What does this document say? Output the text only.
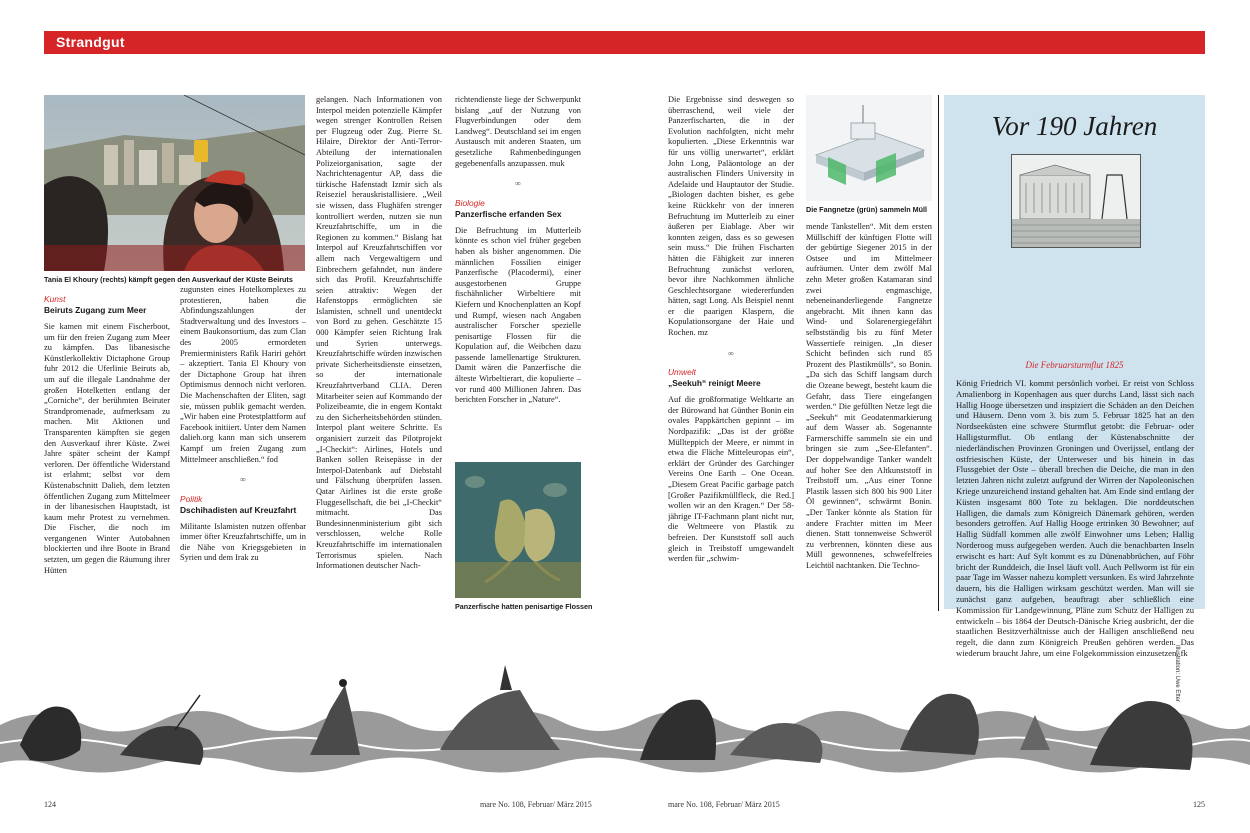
Strandgut
Tania El Khoury (rechts) kämpft gegen den Ausverkauf der Küste Beiruts
Kunst
Beiruts Zugang zum Meer

Sie kamen mit einem Fischerboot, um für den freien Zugang zum Meer zu kämpfen. Das libanesische Künstlerkollektiv Dictaphone Group fuhr 2012 die Uferlinie Beiruts ab, um auf die illegale Landnahme der großen Hotelketten entlang der „Corniche“, der berühmten Beiruter Strandpromenade, aufmerksam zu machen. Mit Aktionen und Transparenten kämpften sie gegen den Ausverkauf ihrer Küste. Zwei Jahre später scheint der Kampf verloren. Der öffentliche Widerstand ist erlahmt; selbst vor dem Küstenabschnitt Dalieh, dem letzten öffentlichen Zugang zum Mittelmeer in der libanesischen Hauptstadt, ist kaum mehr Protest zu vernehmen. Die Fischer, die noch im vergangenen Winter Autobahnen blockierten und ihre Boote in Brand setzten, um gegen die Räumung ihrer Hütten

zugunsten eines Hotelkomplexes zu protestieren, haben die Abfindungszahlungen der Stadtverwaltung und des Investors – einem Baukonsortium, das zum Clan des 2005 ermordeten Premierministers Rafik Hariri gehört – akzeptiert. Tania El Khoury von der Dictaphone Group hat ihren Optimismus dennoch nicht verloren. Die Machenschaften der Eliten, sagt sie, müssen publik gemacht werden. „Wir haben eine Protestplattform auf Facebook initiiert. Unter dem Namen dalieh.org kann man sich unserem Kampf um freien Zugang zum Mittelmeer anschließen.“ fod

∞
Politik
Dschihadisten auf Kreuzfahrt

Militante Islamisten nutzen offenbar immer öfter Kreuzfahrtschiffe, um in die Nähe von Kriegsgebieten in Syrien und dem Irak zu

gelangen. Nach Informationen von Interpol meiden potenzielle Kämpfer wegen strenger Kontrollen Reisen per Flugzeug oder Zug. Pierre St. Hilaire, Direktor der Anti-Terror-Abteilung der internationalen Polizeiorganisation, sagte der Nachrichtenagentur AP, dass die türkische Hafenstadt Izmir sich als Reiseziel herauskristallisiere. „Weil sie wissen, dass Flughäfen strenger kontrolliert werden, nutzen sie nun Kreuzfahrtschiffe, um in die Regionen zu kommen.“ Bislang hat Interpol auf Kreuzfahrtschiffen vor allem nach Vergewaltigern und Einbrechern gefahndet, nun ändere sich das Profil. Kreuzfahrtschiffe seien attraktiv: Wegen der Hafenstopps ermöglichten sie Islamisten, schnell und unentdeckt von Bord zu gehen. Geschätzte 15 000 Kämpfer seien Richtung Irak und Syrien unterwegs. Kreuzfahrtschiffe würden inzwischen private Sicherheitsdienste einsetzen, so der internationale Kreuzfahrtverband CLIA. Deren Mitarbeiter seien auf Kommando der Polizeibeamte, die in engem Kontakt zu den Sicherheitsbehörden stünden. Interpol plant weitere Schritte. Es organisiert zurzeit das Pilotprojekt „I-Checkit“: Airlines, Hotels und Banken sollen Reisepässe in der Interpol-Datenbank auf Diebstahl und Fälschung überprüfen lassen. Qatar Airlines ist die erste große Fluggesellschaft, die bei „I-Checkit“ mitmacht. Das Bundesinnenministerium gibt sich verschlossen, welche Rolle Kreuzfahrtschiffe im internationalen Terrorismus spielen. Nach Informationen deutscher Nach-

richtendienste liege der Schwerpunkt bislang „auf der Nutzung von Flugverbindungen oder dem Landweg“. Deutschland sei im engen Austausch mit anderen Staaten, um gesetzliche Rahmenbedingungen gegebenenfalls anzupassen. muk

∞
Biologie
Panzerfische erfanden Sex

Die Befruchtung im Mutterleib könnte es schon viel früher gegeben haben als bisher angenommen. Die männlichen Fossilien einiger Panzerfische (Placodermi), einer ausgestorbenen Gruppe fischähnlicher Wirbeltiere mit Kiefern und Knochenplatten an Kopf und Rumpf, wiesen nach Angaben australischer Forscher spezielle penisartige Flossen für die Kopulation auf, die Weibchen dazu passende lamellenartige Strukturen. Damit wären die Panzerfische die älteste Wirbeltierart, die kopulierte – vor rund 400 Millionen Jahren. Das berichten Forscher in „Nature“.

Panzerfische hatten penisartige Flossen

Die Ergebnisse sind deswegen so überraschend, weil viele der Panzerfischarten, die in der Evolution nachfolgten, nicht mehr kopulierten. „Diese Erkenntnis war für uns völlig unerwartet“, erklärt John Long, Paläontologe an der australischen Flinders University in Adelaide und Hauptautor der Studie. „Biologen dachten bisher, es gebe keine Rückkehr von der inneren Befruchtung im Mutterleib zu einer äußeren per Eiablage. Aber wir konnten zeigen, dass es so gewesen sein muss.“ Die frühen Fischarten hätten die Fähigkeit zur inneren Befruchtung zunächst verloren, bevor ihre Nachkommen ähnliche Geschlechtsorgane wiedererfunden hätten, sagt Long. Als Beispiel nennt er die paarigen Klaspern, die Kopulationsorgane der Haie und Rochen. mz

∞
Umwelt
„Seekuh“ reinigt Meere

Auf die großformatige Weltkarte an der Bürowand hat Günther Bonin ein ovales Pappkärtchen gepinnt – im Nordpazifik: „Das ist der größte Müllteppich der Meere, er nimmt in etwa die Fläche Mitteleuropas ein“, erklärt der Gründer des Garchinger Vereins One Earth – One Ocean. „Diesem Great Pacific garbage patch [Großer Pazifikmüllfleck, die Red.] wollen wir an den Kragen.“ Der 58-jährige IT-Fachmann plant nicht nur, die Weltmeere von Plastik zu befreien. Der Kunststoff soll auch gleich in Treibstoff umgewandelt werden für „schwim-

Die Fangnetze (grün) sammeln Müll

mende Tankstellen“. Mit dem ersten Müllschiff der künftigen Flotte will der gebürtige Siegener 2015 in der Ostsee und im Mittelmeer aufräumen. Unter dem zwölf Mal zehn Meter großen Katamaran sind zwei engmaschige, nebeneinanderliegende Fangnetze angebracht. Mit ihnen kann das Wind- und Solarenergiegefährt selbstständig bis zu fünf Meter Wassertiefe reinigen. „In dieser Schicht befinden sich rund 85 Prozent des Plastikmülls“, so Bonin. „Da sich das Schiff langsam durch die Ozeane bewegt, besteht kaum die Gefahr, dass Tiere eingefangen werden.“ Die gefüllten Netze legt die „Seekuh“ mit Geodatenmarkierung auf dem Wasser ab. Sogenannte Farmerschiffe sammeln sie ein und bringen sie zum „See-Elefanten“. Der doppelwandige Tanker wandelt auf hoher See den Altkunststoff in Treibstoff um. „Aus einer Tonne Plastik lassen sich 800 bis 900 Liter Öl gewinnen“, schwärmt Bonin. „Der Tanker könnte als Station für andere Frachter mitten im Meer dienen. Statt tonnenweise Schweröl zu verbrennen, könnten diese aus Müll gewonnenes, schwefelfreies Leichtöl nachtanken. Die Techno-

Vor 190 Jahren
Die Februarsturmflut 1825
König Friedrich VI. kommt persönlich vorbei. Er reist von Schloss Amalienborg in Kopenhagen aus quer durchs Land, lässt sich nach Hallig Hooge übersetzen und inspiziert die Schäden an den Deichen und Häusern. Denn vom 3. bis zum 5. Februar 1825 hat an den Nordseeküsten eine schwere Sturmflut getobt: die Februar- oder Halligsturmflut. Ob entlang der Küstenabschnitte der niederländischen Provinzen Groningen und Overijssel, entlang der ostfriesischen Küste, der Unterweser und bis hinein in das Flussgebiet der Oste – überall brechen die Deiche, die man in den letzten Jahren nicht zuletzt aufgrund der Wirren der Napoleonischen Kriege unzureichend instand gehalten hat. Am Ende sind entlang der Küsten insgesamt 800 Tote zu beklagen. Die norddeutschen Halligen, die damals zum Königreich Dänemark gehören, werden besonders getroffen. Auf Hallig Hooge ertrinken 30 Bewohner; auf Hallig Südfall kommen alle zwölf Einwohner ums Leben; Hallig Norderoog muss aufgegeben werden. Auch die benachbarten Inseln erwischt es hart: Auf Sylt kommt es zu Dünenabbrüchen, auf Föhr bricht der Runddeich, die Insel läuft voll. Auch Pellworm ist für ein paar Tage im Wasser nahezu komplett versunken. Es wird Jahrzehnte dauern, bis die Halligen wirksam geschützt werden. Man will sie zunächst ganz aufgeben, beauftragt aber schließlich eine Kommission für Landgewinnung, Pläne zum Schutz der Halligen zu entwickeln – bis 1864 der Deutsch-Dänische Krieg ausbricht, der die staatlichen Besitzverhältnisse auch der Halligen anschließend neu regelt, die dann zum Königreich Preußen gehören werden. Das wiederum braucht Jahre, um eine Folgekommission einzusetzen. fk
Illustration: Uwe Etter
124	mare No. 108, Februar/ März 2015	mare No. 108, Februar/ März 2015	125
